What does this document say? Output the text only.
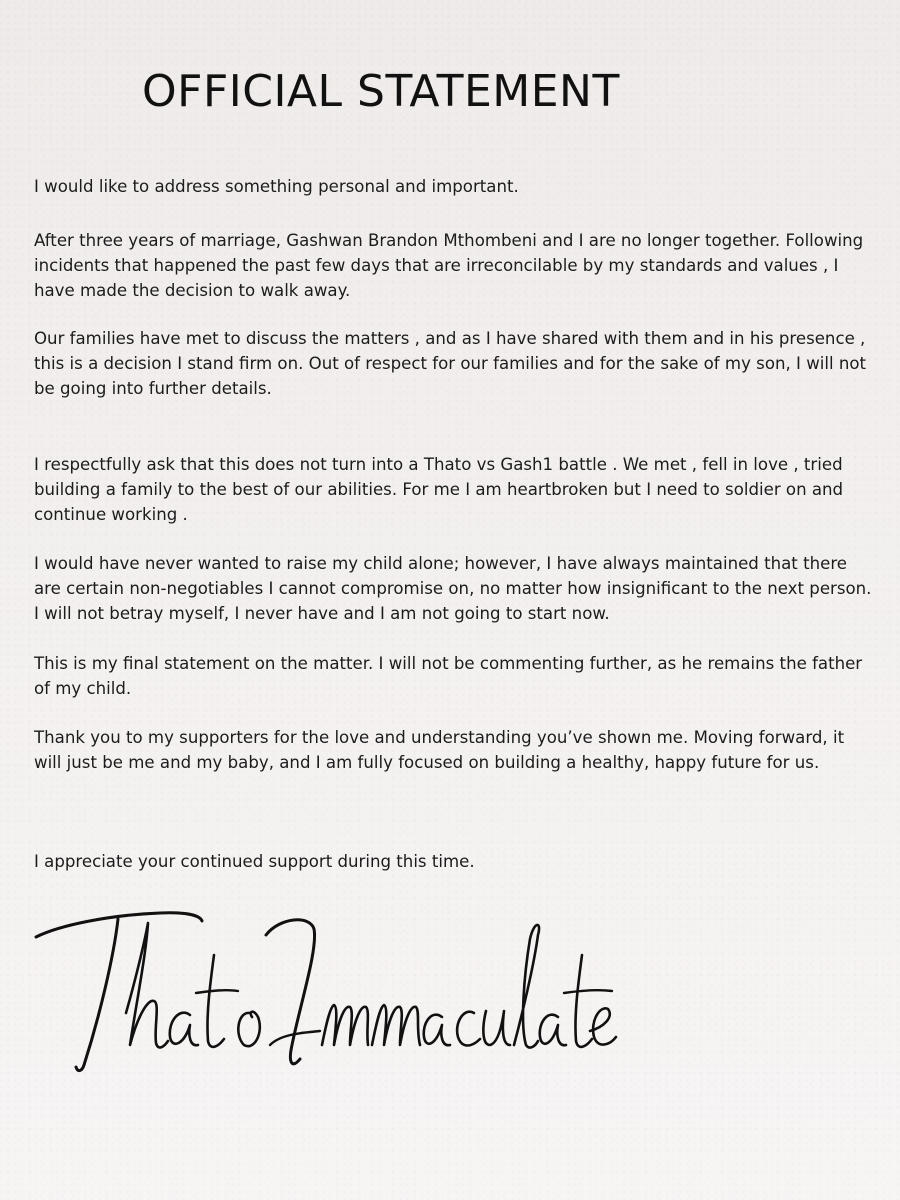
OFFICIAL STATEMENT

I would like to address something personal and important.

After three years of marriage, Gashwan Brandon Mthombeni and I are no longer together. Following incidents that happened the past few days that are irreconcilable by my standards and values , I have made the decision to walk away.

Our families have met to discuss the matters , and as I have shared with them and in his presence , this is a decision I stand firm on. Out of respect for our families and for the sake of my son, I will not be going into further details.

I respectfully ask that this does not turn into a Thato vs Gash1 battle . We met , fell in love , tried building a family to the best of our abilities. For me I am heartbroken but I need to soldier on and continue working .

I would have never wanted to raise my child alone; however, I have always maintained that there are certain non-negotiables I cannot compromise on, no matter how insignificant to the next person. I will not betray myself, I never have and I am not going to start now.

This is my final statement on the matter. I will not be commenting further, as he remains the father of my child.

Thank you to my supporters for the love and understanding you’ve shown me. Moving forward, it will just be me and my baby, and I am fully focused on building a healthy, happy future for us.

I appreciate your continued support during this time.
